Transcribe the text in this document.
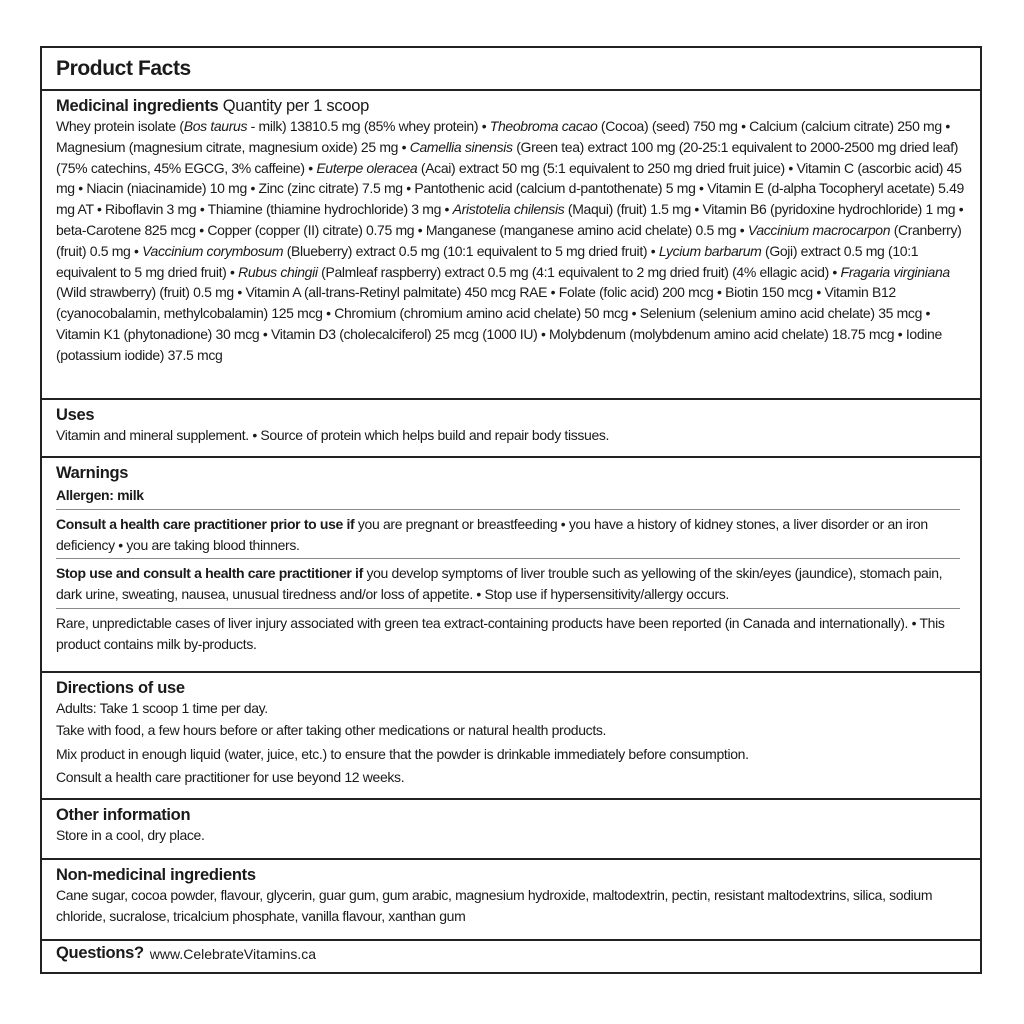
Product Facts
Medicinal ingredients Quantity per 1 scoop

Whey protein isolate (Bos taurus - milk) 13810.5 mg (85% whey protein) • Theobroma cacao (Cocoa) (seed) 750 mg • Calcium (calcium citrate) 250 mg • Magnesium (magnesium citrate, magnesium oxide) 25 mg • Camellia sinensis (Green tea) extract 100 mg (20-25:1 equivalent to 2000-2500 mg dried leaf) (75% catechins, 45% EGCG, 3% caffeine) • Euterpe oleracea (Acai) extract 50 mg (5:1 equivalent to 250 mg dried fruit juice) • Vitamin C (ascorbic acid) 45 mg • Niacin (niacinamide) 10 mg • Zinc (zinc citrate) 7.5 mg • Pantothenic acid (calcium d-pantothenate) 5 mg • Vitamin E (d-alpha Tocopheryl acetate) 5.49 mg AT • Riboflavin 3 mg • Thiamine (thiamine hydrochloride) 3 mg • Aristotelia chilensis (Maqui) (fruit) 1.5 mg • Vitamin B6 (pyridoxine hydrochloride) 1 mg • beta-Carotene 825 mcg • Copper (copper (II) citrate) 0.75 mg • Manganese (manganese amino acid chelate) 0.5 mg • Vaccinium macrocarpon (Cranberry) (fruit) 0.5 mg • Vaccinium corymbosum (Blueberry) extract 0.5 mg (10:1 equivalent to 5 mg dried fruit) • Lycium barbarum (Goji) extract 0.5 mg (10:1 equivalent to 5 mg dried fruit) • Rubus chingii (Palmleaf raspberry) extract 0.5 mg (4:1 equivalent to 2 mg dried fruit) (4% ellagic acid) • Fragaria virginiana (Wild strawberry) (fruit) 0.5 mg • Vitamin A (all-trans-Retinyl palmitate) 450 mcg RAE • Folate (folic acid) 200 mcg • Biotin 150 mcg • Vitamin B12 (cyanocobalamin, methylcobalamin) 125 mcg • Chromium (chromium amino acid chelate) 50 mcg • Selenium (selenium amino acid chelate) 35 mcg • Vitamin K1 (phytonadione) 30 mcg • Vitamin D3 (cholecalciferol) 25 mcg (1000 IU) • Molybdenum (molybdenum amino acid chelate) 18.75 mcg • Iodine (potassium iodide) 37.5 mcg

Uses

Vitamin and mineral supplement. • Source of protein which helps build and repair body tissues.

Warnings

Allergen: milk

Consult a health care practitioner prior to use if you are pregnant or breastfeeding • you have a history of kidney stones, a liver disorder or an iron deficiency • you are taking blood thinners.

Stop use and consult a health care practitioner if you develop symptoms of liver trouble such as yellowing of the skin/eyes (jaundice), stomach pain, dark urine, sweating, nausea, unusual tiredness and/or loss of appetite. • Stop use if hypersensitivity/allergy occurs.

Rare, unpredictable cases of liver injury associated with green tea extract-containing products have been reported (in Canada and internationally). • This product contains milk by-products.

Directions of use

Adults: Take 1 scoop 1 time per day.

Take with food, a few hours before or after taking other medications or natural health products.

Mix product in enough liquid (water, juice, etc.) to ensure that the powder is drinkable immediately before consumption.

Consult a health care practitioner for use beyond 12 weeks.

Other information

Store in a cool, dry place.

Non-medicinal ingredients

Cane sugar, cocoa powder, flavour, glycerin, guar gum, gum arabic, magnesium hydroxide, maltodextrin, pectin, resistant maltodextrins, silica, sodium chloride, sucralose, tricalcium phosphate, vanilla flavour, xanthan gum

Questions? www.CelebrateVitamins.ca
